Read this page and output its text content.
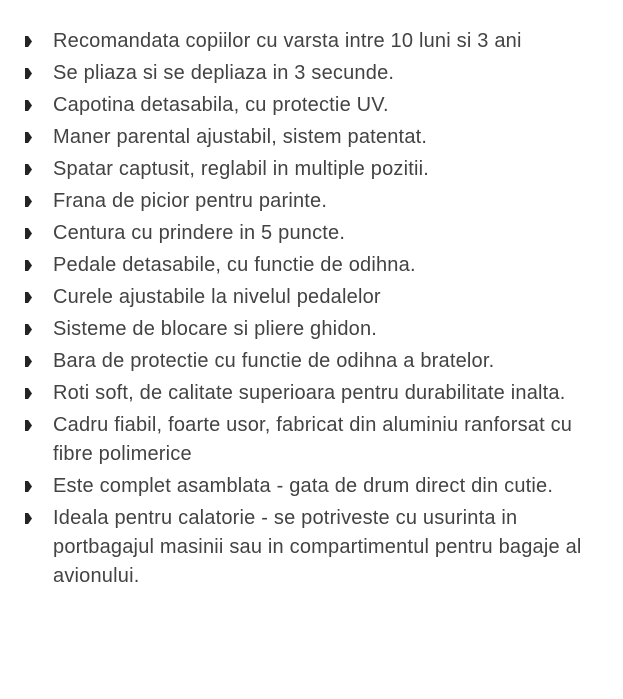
Recomandata copiilor cu varsta intre 10 luni si 3 ani
Se pliaza si se depliaza in 3 secunde.
Capotina detasabila, cu protectie UV.
Maner parental ajustabil, sistem patentat.
Spatar captusit, reglabil in multiple pozitii.
Frana de picior pentru parinte.
Centura cu prindere in 5 puncte.
Pedale detasabile, cu functie de odihna.
Curele ajustabile la nivelul pedalelor
Sisteme de blocare si pliere ghidon.
Bara de protectie cu functie de odihna a bratelor.
Roti soft, de calitate superioara pentru durabilitate inalta.
Cadru fiabil, foarte usor, fabricat din aluminiu ranforsat cu fibre polimerice
Este complet asamblata - gata de drum direct din cutie.
Ideala pentru calatorie - se potriveste cu usurinta in portbagajul masinii sau in compartimentul pentru bagaje al avionului.
